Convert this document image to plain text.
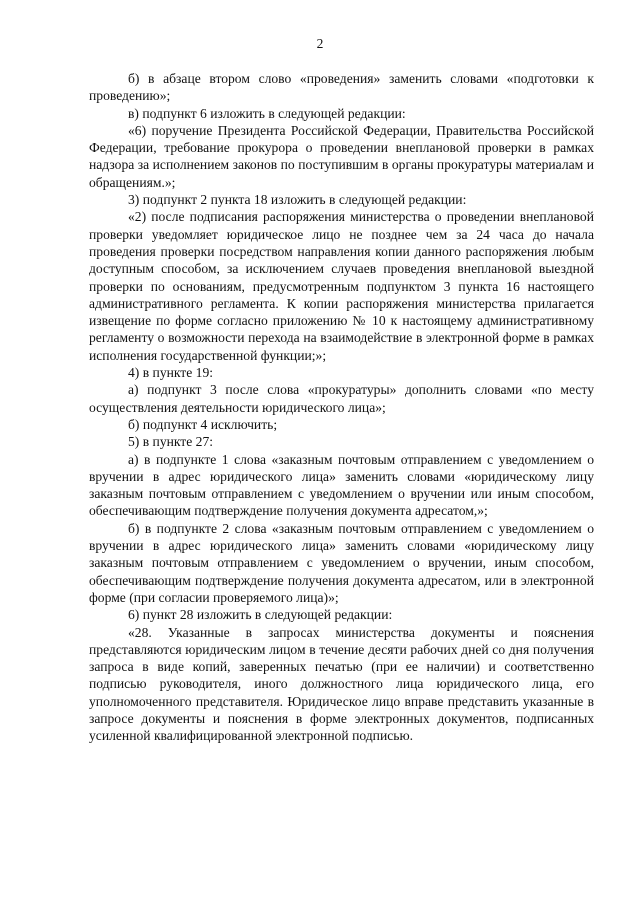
2

б) в абзаце втором слово «проведения» заменить словами «подготовки к проведению»;

в) подпункт 6 изложить в следующей редакции:

«6) поручение Президента Российской Федерации, Правительства Российской Федерации, требование прокурора о проведении внеплановой проверки в рамках надзора за исполнением законов по поступившим в органы прокуратуры материалам и обращениям.»;

3) подпункт 2 пункта 18 изложить в следующей редакции:

«2) после подписания распоряжения министерства о проведении внеплановой проверки уведомляет юридическое лицо не позднее чем за 24 часа до начала проведения проверки посредством направления копии данного распоряжения любым доступным способом, за исключением случаев проведения внеплановой выездной проверки по основаниям, предусмотренным подпунктом 3 пункта 16 настоящего административного регламента. К копии распоряжения министерства прилагается извещение по форме согласно приложению № 10 к настоящему административному регламенту о возможности перехода на взаимодействие в электронной форме в рамках исполнения государственной функции;»;

4) в пункте 19:

а) подпункт 3 после слова «прокуратуры» дополнить словами «по месту осуществления деятельности юридического лица»;

б) подпункт 4 исключить;

5) в пункте 27:

а) в подпункте 1 слова «заказным почтовым отправлением с уведомлением о вручении в адрес юридического лица» заменить словами «юридическому лицу заказным почтовым отправлением с уведомлением о вручении или иным способом, обеспечивающим подтверждение получения документа адресатом,»;

б) в подпункте 2 слова «заказным почтовым отправлением с уведомлением о вручении в адрес юридического лица» заменить словами «юридическому лицу заказным почтовым отправлением с уведомлением о вручении, иным способом, обеспечивающим подтверждение получения документа адресатом, или в электронной форме (при согласии проверяемого лица)»;

6) пункт 28 изложить в следующей редакции:

«28. Указанные в запросах министерства документы и пояснения представляются юридическим лицом в течение десяти рабочих дней со дня получения запроса в виде копий, заверенных печатью (при ее наличии) и соответственно подписью руководителя, иного должностного лица юридического лица, его уполномоченного представителя. Юридическое лицо вправе представить указанные в запросе документы и пояснения в форме электронных документов, подписанных усиленной квалифицированной электронной подписью.
